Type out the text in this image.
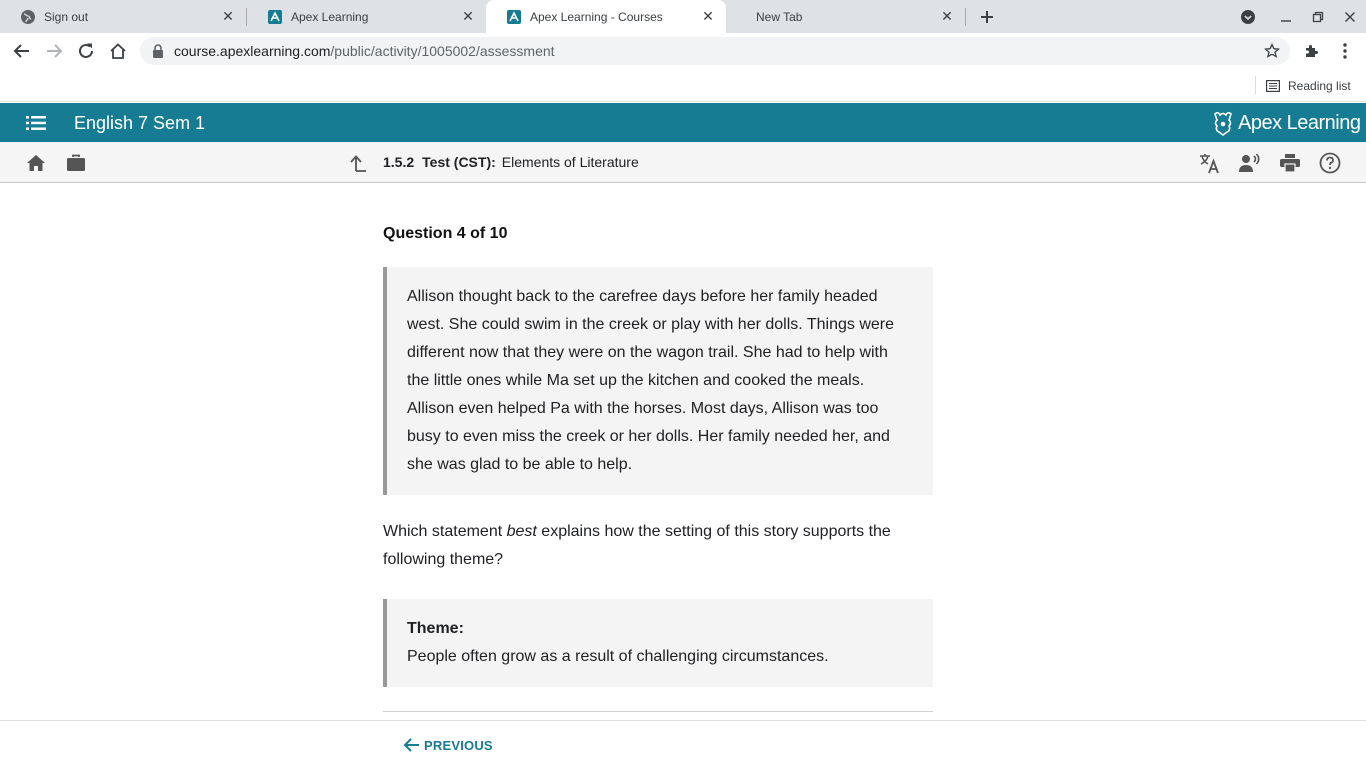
Sign out	✕	Apex Learning	✕	Apex Learning - Courses	✕	New Tab	✕
course.apexlearning.com/public/activity/1005002/assessment
Reading list
English 7 Sem 1	Apex Learning
1.5.2 Test (CST): Elements of Literature
Question 4 of 10
Allison thought back to the carefree days before her family headed west. She could swim in the creek or play with her dolls. Things were different now that they were on the wagon trail. She had to help with the little ones while Ma set up the kitchen and cooked the meals. Allison even helped Pa with the horses. Most days, Allison was too busy to even miss the creek or her dolls. Her family needed her, and she was glad to be able to help.
Which statement best explains how the setting of this story supports the following theme?
Theme:
People often grow as a result of challenging circumstances.
PREVIOUS
